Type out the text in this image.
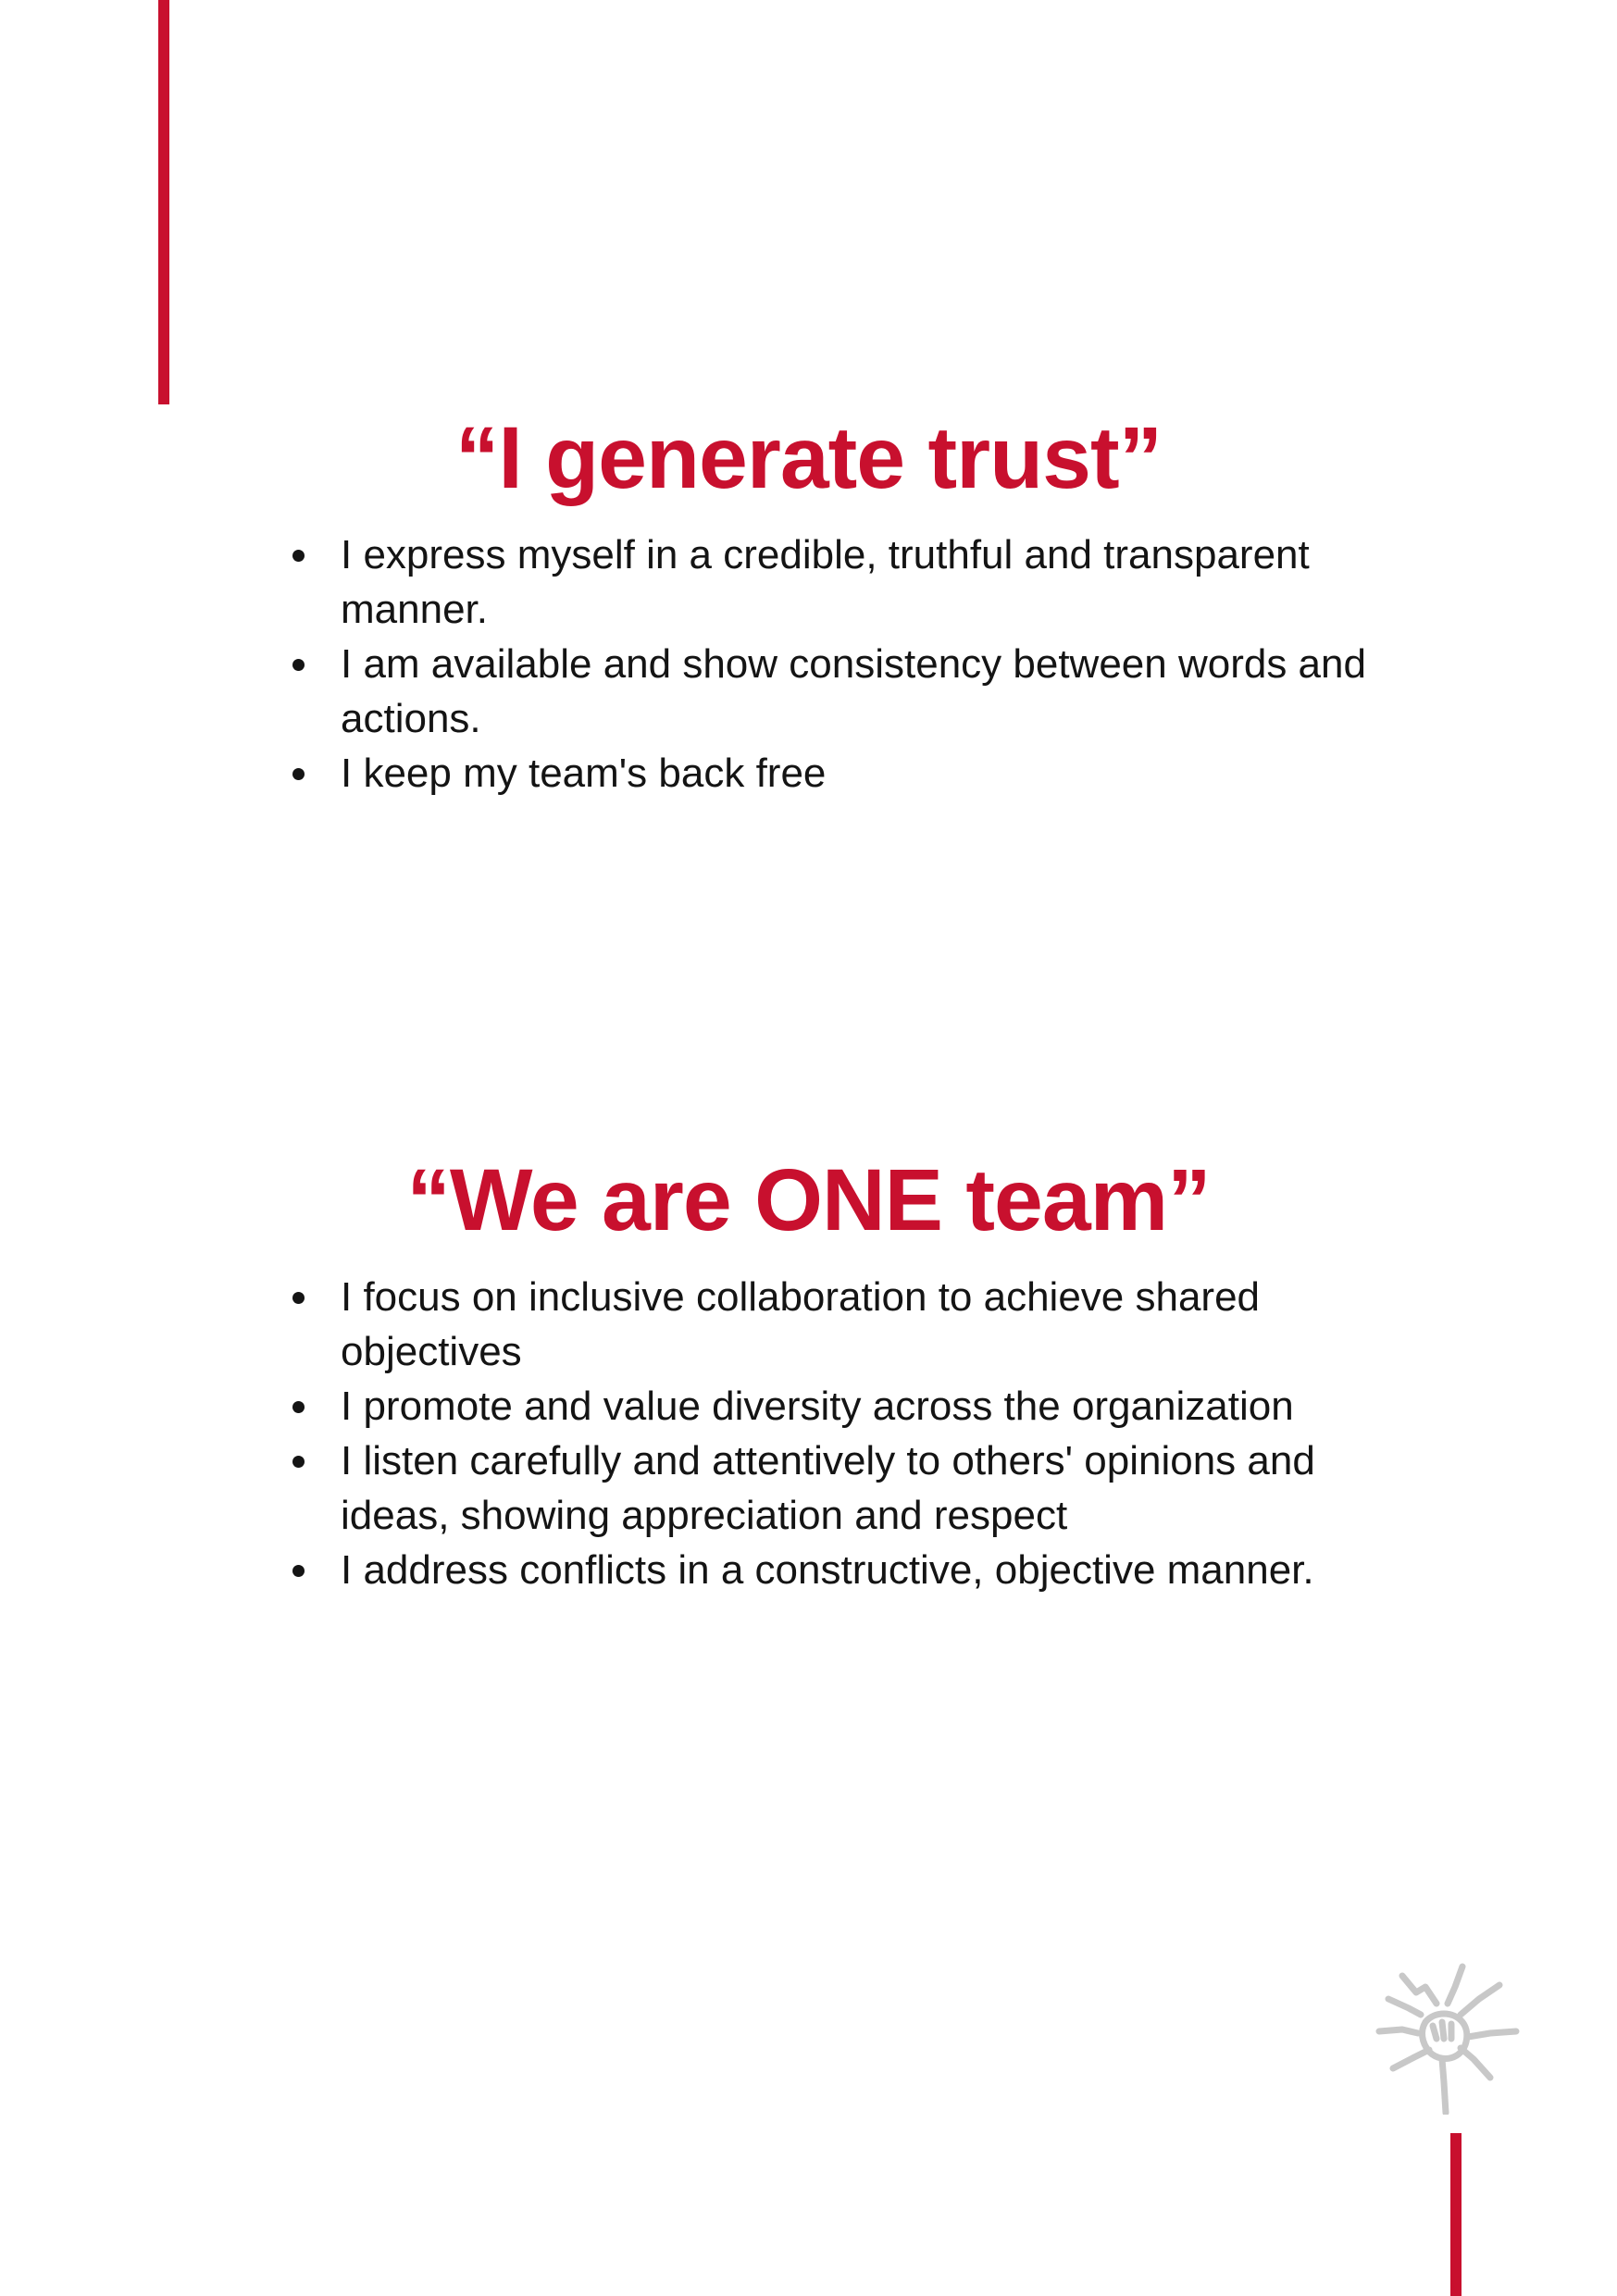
“I generate trust”
I express myself in a credible, truthful and transparent manner.
I am available and show consistency between words and actions.
I keep my team's back free
“We are ONE team”
I focus on inclusive collaboration to achieve shared objectives
I promote and value diversity across the organization
I listen carefully and attentively to others' opinions and ideas, showing appreciation and respect
I address conflicts in a constructive, objective manner.
